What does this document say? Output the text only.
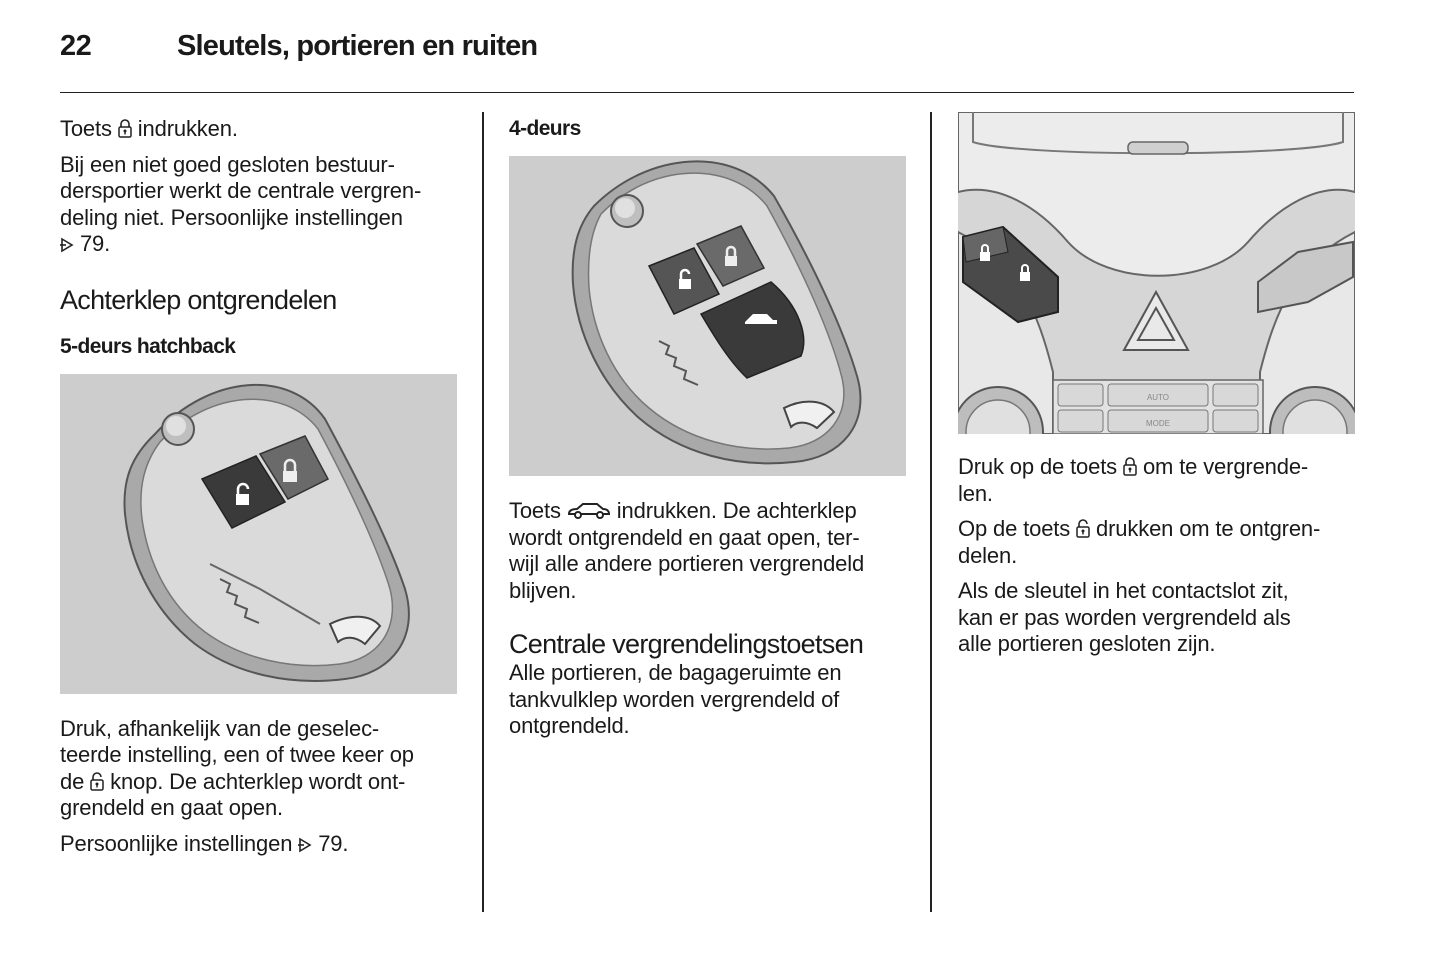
22	Sleutels, portieren en ruiten

Toets indrukken.

Bij een niet goed gesloten bestuur-
dersportier werkt de centrale vergren-
deling niet. Persoonlijke instellingen
79.

Achterklep ontgrendelen
5-deurs hatchback

Druk, afhankelijk van de geselec-
teerde instelling, een of twee keer op
de knop. De achterklep wordt ont-
grendeld en gaat open.

Persoonlijke instellingen 79.

4-deurs

Toets	indrukken. De achterklep
wordt ontgrendeld en gaat open, ter-
wijl alle andere portieren vergrendeld
blijven.

Centrale vergrendelingstoetsen

Alle portieren, de bagageruimte en
tankvulklep worden vergrendeld of
ontgrendeld.

AUTO
MODE

Druk op de toets om te vergrende-
len.

Op de toets drukken om te ontgren-
delen.

Als de sleutel in het contactslot zit,
kan er pas worden vergrendeld als
alle portieren gesloten zijn.
